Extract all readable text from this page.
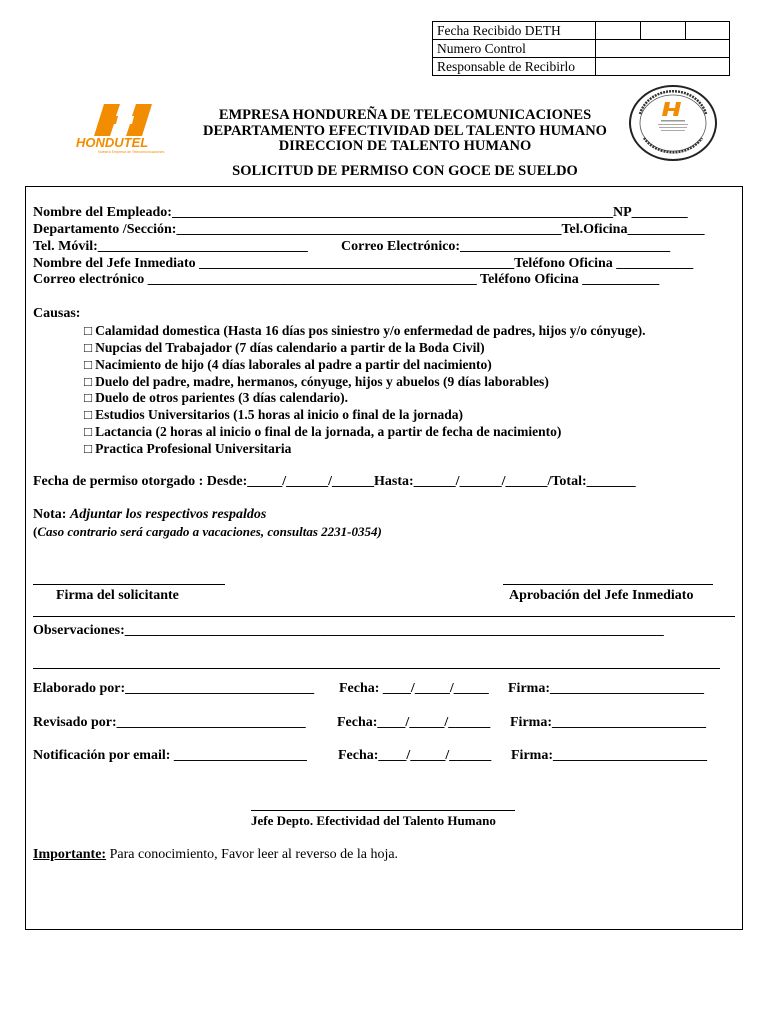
Fecha Recibido DETH			
Numero Control			
Responsable de Recibirlo			
HONDUTEL
Nuestra Empresa de Telecomunicaciones
EMPRESA HONDUREÑA DE TELECOMUNICACIONES
DEPARTAMENTO EFECTIVIDAD DEL TALENTO HUMANO
DIRECCION DE TALENTO HUMANO
SOLICITUD DE PERMISO CON GOCE DE SUELDO
Nombre del Empleado:_______________________________________________________________NP________
Departamento /Sección:_______________________________________________________Tel.Oficina___________
Tel. Móvil:______________________________ Correo Electrónico:______________________________
Nombre del Jefe Inmediato _____________________________________________Teléfono Oficina ___________
Correo electrónico _______________________________________________ Teléfono Oficina ___________
Causas:
□ Calamidad domestica (Hasta 16 días pos siniestro y/o enfermedad de padres, hijos y/o cónyuge).
□ Nupcias del Trabajador (7 días calendario a partir de la Boda Civil)
□ Nacimiento de hijo (4 días laborales al padre a partir del nacimiento)
□ Duelo del padre, madre, hermanos, cónyuge, hijos y abuelos (9 días laborables)
□ Duelo de otros parientes (3 días calendario).
□ Estudios Universitarios (1.5 horas al inicio o final de la jornada)
□ Lactancia (2 horas al inicio o final de la jornada, a partir de fecha de nacimiento)
□ Practica Profesional Universitaria
Fecha de permiso otorgado : Desde:_____/______/______Hasta:______/______/______/Total:_______
Nota: Adjuntar los respectivos respaldos
(Caso contrario será cargado a vacaciones, consultas 2231-0354)
Firma del solicitante	Aprobación del Jefe Inmediato
Observaciones:_____________________________________________________________________________
Elaborado por:___________________________ Fecha: ____/_____/_____ Firma:______________________
Revisado por:___________________________ Fecha:____/_____/______ Firma:______________________
Notificación por email: ___________________ Fecha:____/_____/______ Firma:______________________
Jefe Depto. Efectividad del Talento Humano
Importante: Para conocimiento, Favor leer al reverso de la hoja.
